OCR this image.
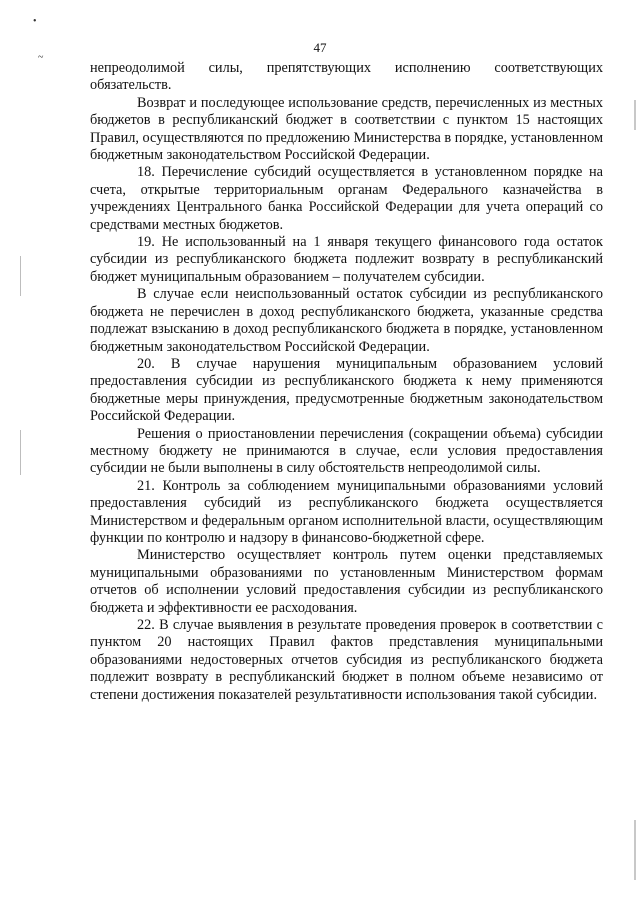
•
~
47

непреодолимой силы, препятствующих исполнению соответствующих обязательств.

Возврат и последующее использование средств, перечисленных из местных бюджетов в республиканский бюджет в соответствии с пунктом 15 настоящих Правил, осуществляются по предложению Министерства в порядке, установленном бюджетным законодательством Российской Федерации.

18. Перечисление субсидий осуществляется в установленном порядке на счета, открытые территориальным органам Федерального казначейства в учреждениях Центрального банка Российской Федерации для учета операций со средствами местных бюджетов.

19. Не использованный на 1 января текущего финансового года остаток субсидии из республиканского бюджета подлежит возврату в республиканский бюджет муниципальным образованием – получателем субсидии.

В случае если неиспользованный остаток субсидии из республиканского бюджета не перечислен в доход республиканского бюджета, указанные средства подлежат взысканию в доход республиканского бюджета в порядке, установленном бюджетным законодательством Российской Федерации.

20. В случае нарушения муниципальным образованием условий предоставления субсидии из республиканского бюджета к нему применяются бюджетные меры принуждения, предусмотренные бюджетным законодательством Российской Федерации.

Решения о приостановлении перечисления (сокращении объема) субсидии местному бюджету не принимаются в случае, если условия предоставления субсидии не были выполнены в силу обстоятельств непреодолимой силы.

21. Контроль за соблюдением муниципальными образованиями условий предоставления субсидий из республиканского бюджета осуществляется Министерством и федеральным органом исполнительной власти, осуществляющим функции по контролю и надзору в финансово-бюджетной сфере.

Министерство осуществляет контроль путем оценки представляемых муниципальными образованиями по установленным Министерством формам отчетов об исполнении условий предоставления субсидии из республиканского бюджета и эффективности ее расходования.

22. В случае выявления в результате проведения проверок в соответствии с пунктом 20 настоящих Правил фактов представления муниципальными образованиями недостоверных отчетов субсидия из республиканского бюджета подлежит возврату в республиканский бюджет в полном объеме независимо от степени достижения показателей результативности использования такой субсидии.
